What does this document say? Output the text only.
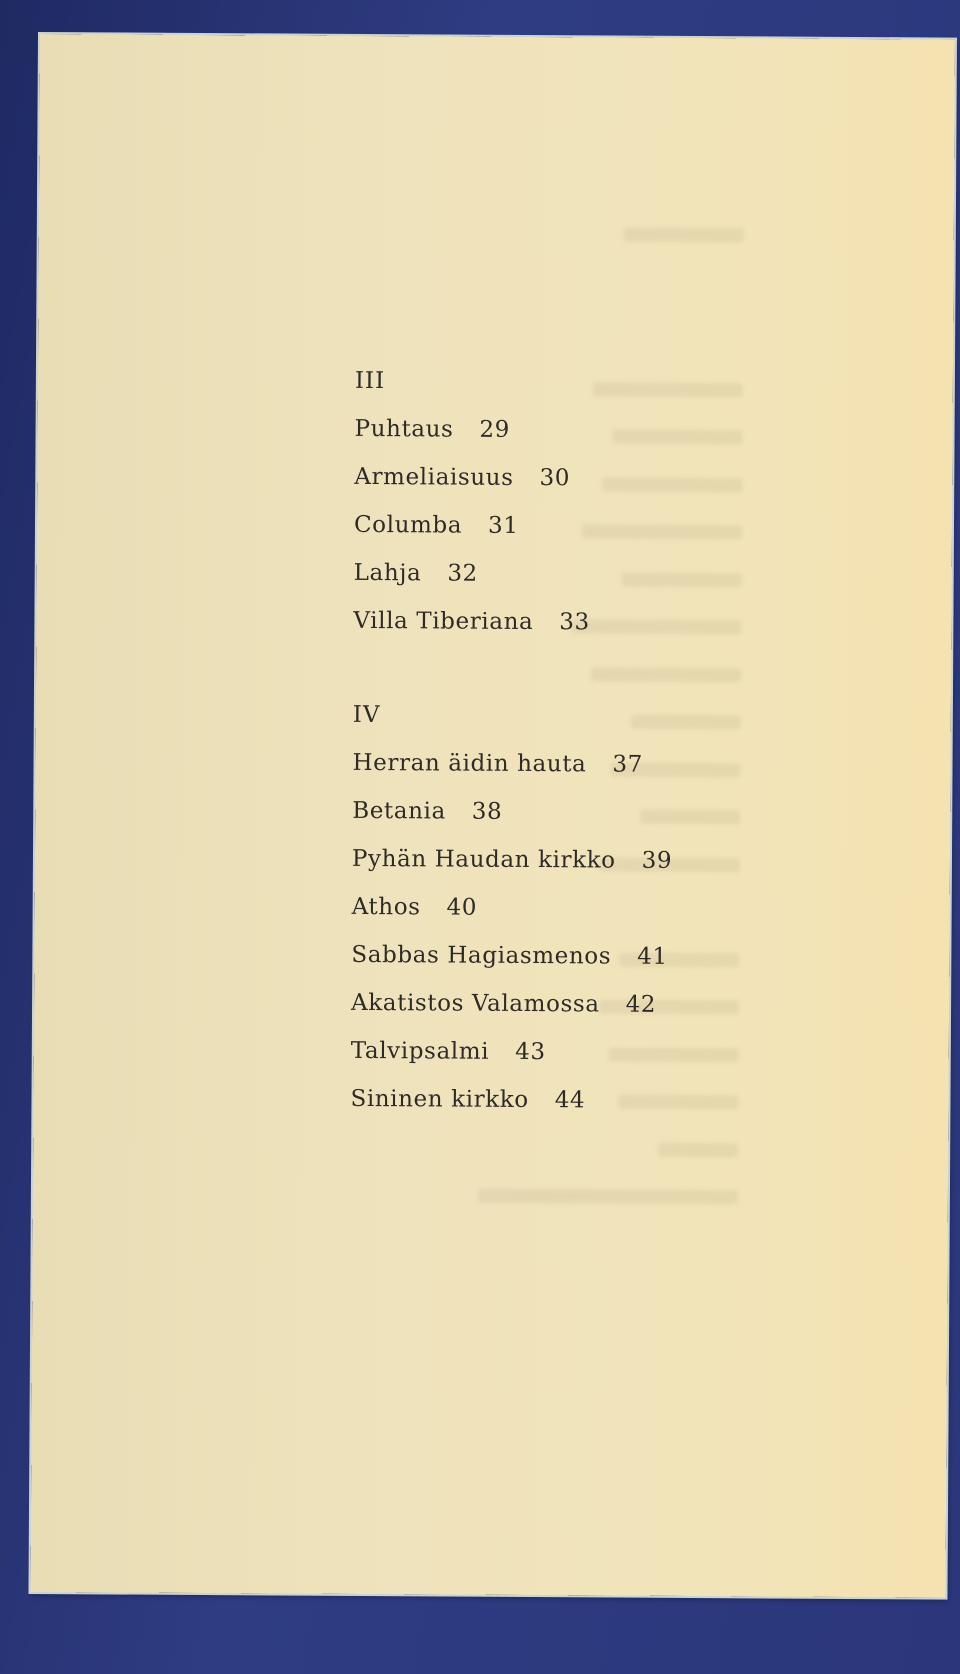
III
Puhtaus 29
Armeliaisuus 30
Columba 31
Lahja 32
Villa Tiberiana 33
IV
Herran äidin hauta 37
Betania 38
Pyhän Haudan kirkko 39
Athos 40
Sabbas Hagiasmenos 41
Akatistos Valamossa 42
Talvipsalmi 43
Sininen kirkko 44
